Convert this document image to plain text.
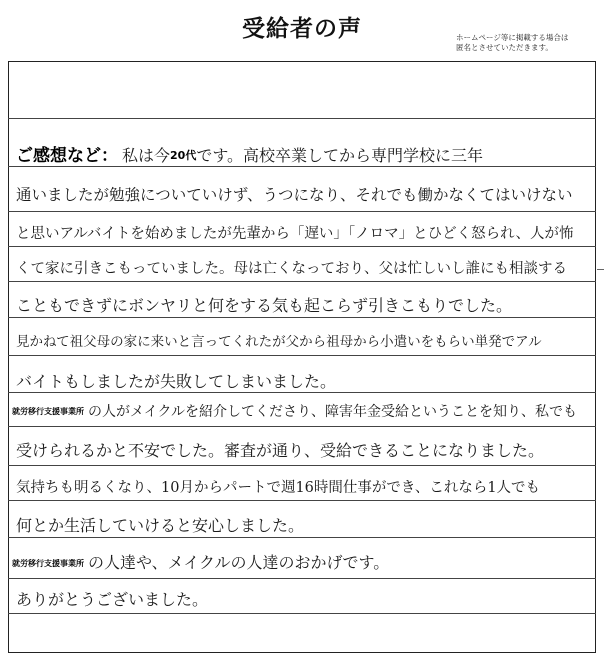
受給者の声	ホームページ等に掲載する場合は
匿名とさせていただきます。
ご感想など： 私は今20代です。高校卒業してから専門学校に三年
通いましたが勉強についていけず、うつになり、それでも働かなくてはいけない
と思いアルバイトを始めましたが先輩から「遅い」「ノロマ」とひどく怒られ、人が怖
くて家に引きこもっていました。母は亡くなっており、父は忙しいし誰にも相談する
こともできずにボンヤリと何をする気も起こらず引きこもりでした。
見かねて祖父母の家に来いと言ってくれたが父から祖母から小遣いをもらい単発でアル
バイトもしましたが失敗してしまいました。
就労移行支援事業所 の人がメイクルを紹介してくださり、障害年金受給ということを知り、私でも
受けられるかと不安でした。審査が通り、受給できることになりました。
気持ちも明るくなり、10月からパートで週16時間仕事ができ、これなら1人でも
何とか生活していけると安心しました。
就労移行支援事業所 の人達や、メイクルの人達のおかげです。
ありがとうございました。
